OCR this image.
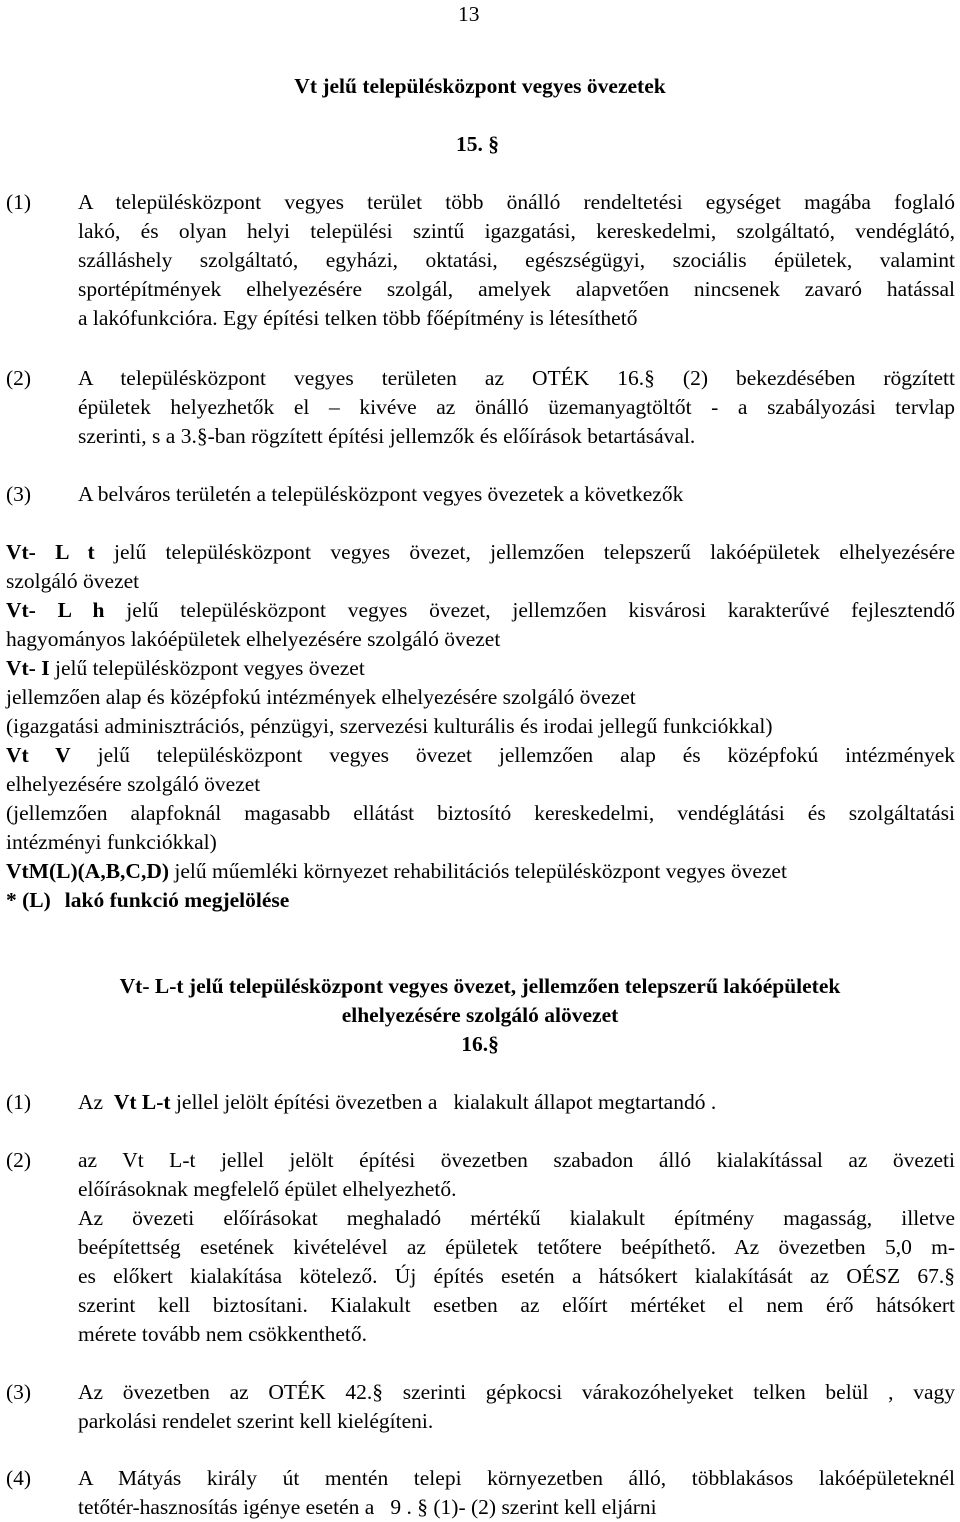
13
Vt jelű településközpont vegyes övezetek
15. §
(1) A településközpont vegyes terület több önálló rendeltetési egységet magába foglaló
lakó, és olyan helyi települési szintű igazgatási, kereskedelmi, szolgáltató, vendéglátó,
szálláshely szolgáltató, egyházi, oktatási, egészségügyi, szociális épületek, valamint
sportépítmények elhelyezésére szolgál, amelyek alapvetően nincsenek zavaró hatással
a lakófunkcióra. Egy építési telken több főépítmény is létesíthető
(2) A településközpont vegyes területen az OTÉK 16.§ (2) bekezdésében rögzített
épületek helyezhetők el – kivéve az önálló üzemanyagtöltőt - a szabályozási tervlap
szerinti, s a 3.§-ban rögzített építési jellemzők és előírások betartásával.
(3) A belváros területén a településközpont vegyes övezetek a következők
Vt- L t jelű településközpont vegyes övezet, jellemzően telepszerű lakóépületek elhelyezésére
szolgáló övezet
Vt- L h jelű településközpont vegyes övezet, jellemzően kisvárosi karakterűvé fejlesztendő
hagyományos lakóépületek elhelyezésére szolgáló övezet
Vt- I jelű településközpont vegyes övezet
jellemzően alap és középfokú intézmények elhelyezésére szolgáló övezet
(igazgatási adminisztrációs, pénzügyi, szervezési kulturális és irodai jellegű funkciókkal)
Vt V jelű településközpont vegyes övezet jellemzően alap és középfokú intézmények
elhelyezésére szolgáló övezet
(jellemzően alapfoknál magasabb ellátást biztosító kereskedelmi, vendéglátási és szolgáltatási
intézményi funkciókkal)
VtM(L)(A,B,C,D) jelű műemléki környezet rehabilitációs településközpont vegyes övezet
* (L) lakó funkció megjelölése
Vt- L-t jelű településközpont vegyes övezet, jellemzően telepszerű lakóépületek
elhelyezésére szolgáló alövezet
16.§
(1) Az  Vt L-t jellel jelölt építési övezetben a   kialakult állapot megtartandó .
(2) az Vt L-t jellel jelölt építési övezetben szabadon álló kialakítással az övezeti
előírásoknak megfelelő épület elhelyezhető.
Az övezeti előírásokat meghaladó mértékű kialakult építmény magasság, illetve
beépítettség esetének kivételével az épületek tetőtere beépíthető. Az övezetben 5,0 m-
es előkert kialakítása kötelező. Új építés esetén a hátsókert kialakítását az OÉSZ 67.§
szerint kell biztosítani. Kialakult esetben az előírt mértéket el nem érő hátsókert
mérete tovább nem csökkenthető.
(3) Az övezetben az OTÉK 42.§ szerinti gépkocsi várakozóhelyeket telken belül , vagy
parkolási rendelet szerint kell kielégíteni.
(4) A Mátyás király út mentén telepi környezetben álló, többlakásos lakóépületeknél
tetőtér-hasznosítás igénye esetén a   9 . § (1)- (2) szerint kell eljárni
